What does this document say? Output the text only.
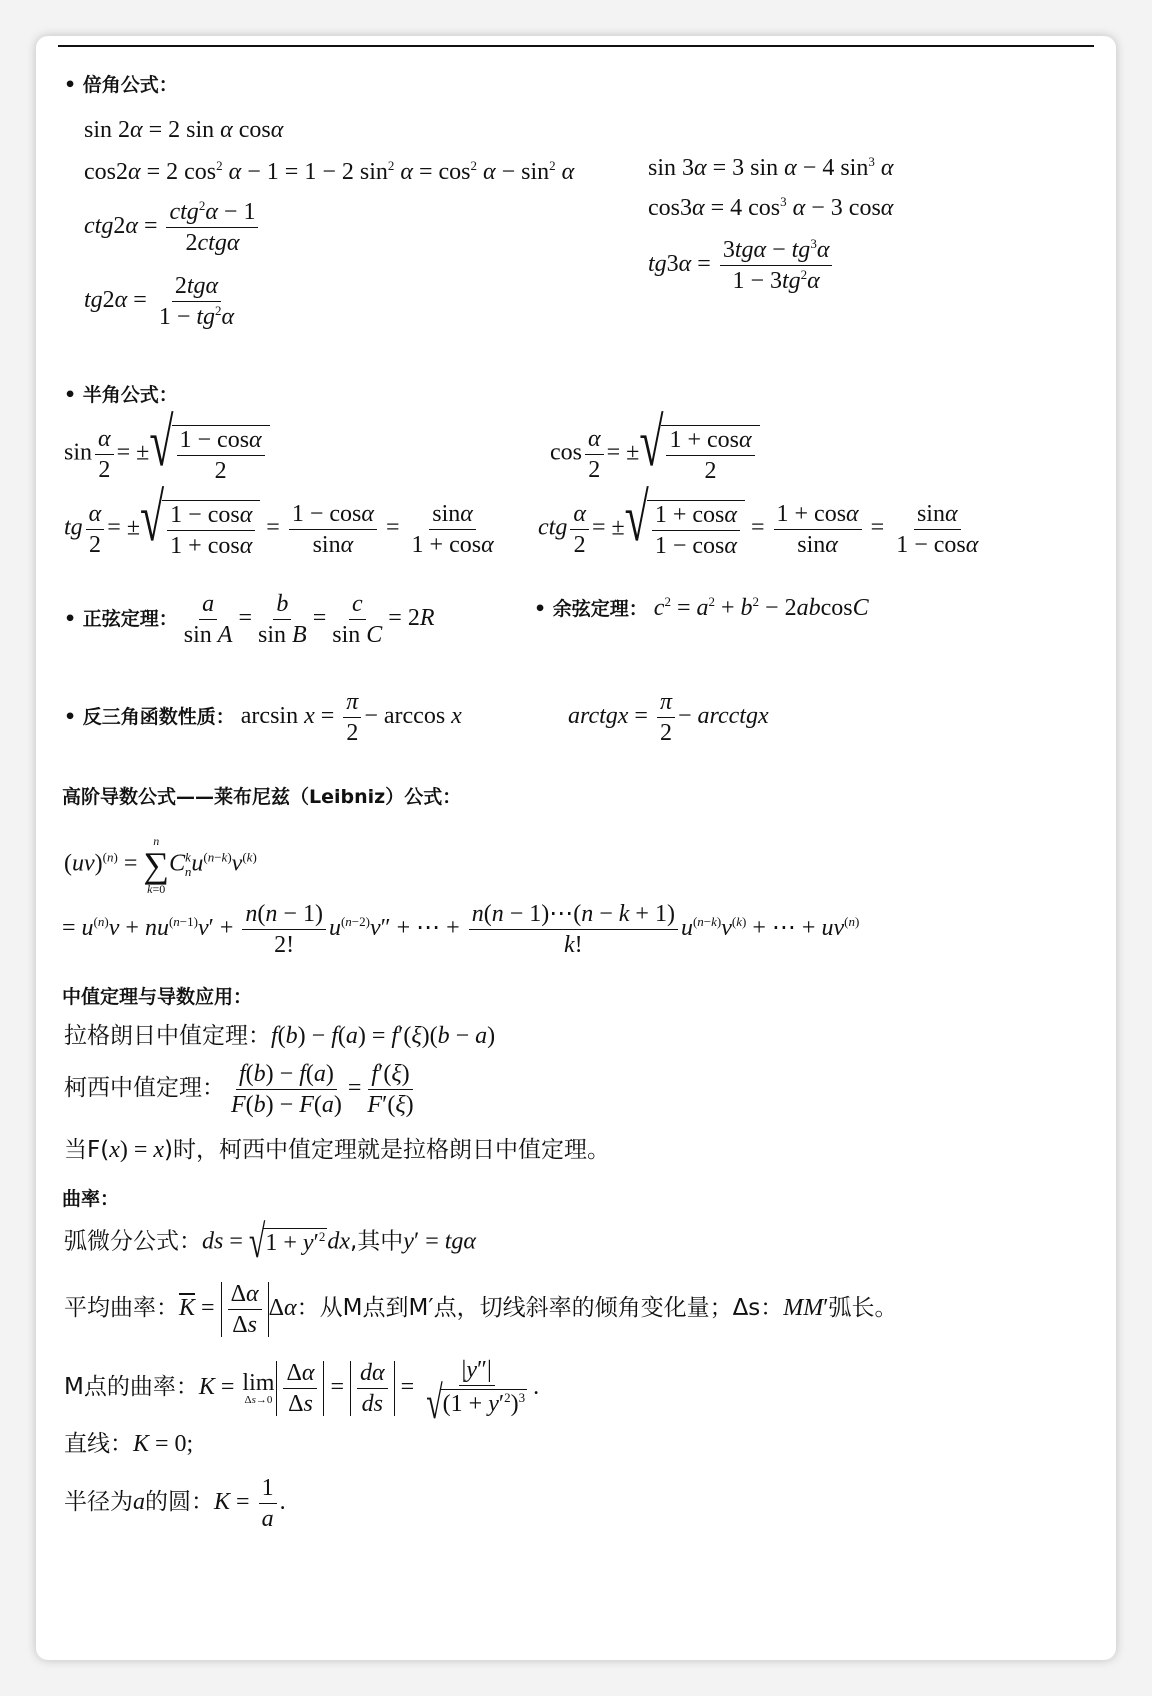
• 倍角公式：
sin 2α = 2 sin α cosα
cos2α = 2 $\cos^2 \alpha - 1 = 1 - 2$ $\sin^2 \alpha = \cos^2 \alpha - \sin^2 \alpha$
$ctg2\alpha = \frac{ctg^2\alpha - 1}{\text{2ctgα}}$
$tg2\alpha = \frac{\text{2tgα}}{1 - tg^2\alpha}$
sin 3α = 3 sin α − 4 $\sin^3 \alpha$
cos3α = 4 $\cos^3 \alpha - 3$ cosα
$tg3\alpha = \frac{3tg\alpha - tg^3\alpha}{1 - 3tg^2\alpha}$
• 半角公式：
$\sin \frac{\alpha}{2}$ = ± √ $\frac{1 - \cos\alpha}{2}$	$\cos \frac{\alpha}{2}$ = ± √ $\frac{1 + \cos\alpha}{2}$
tg $\frac{\alpha}{2}$ = ± √ $\frac{1 - \cos\alpha}{1 + \cos\alpha} = \frac{1 - \cos\alpha}{\sin\alpha} = \frac{\sin\alpha}{1 + \cos\alpha}$ ctg $\frac{\alpha}{2}$ = ± √ $\frac{1 + \cos\alpha}{1 - \cos\alpha} = \frac{1 + \cos\alpha}{\sin\alpha} = \frac{\sin\alpha}{1 - \cos\alpha}$
• 正弦定理： $\frac{a}{\text{sin A}} = \frac{b}{\text{sin B}} = \frac{c}{\text{sin C}} = 2R$	• 余弦定理： $c^2 = a^2 + b^2 - 2abcosC$
• 反三角函数性质： $\arcsin x = \frac{\pi}{2} - \arccos x$	arctgx = $\frac{\pi}{2}$ − arcctgx
高阶导数公式——莱布尼兹（Leibniz）公式：
(uv)$^{(n)}$ =
n
∑
k=0
$C^k_nu^{(n-k)}v^{(k)}$
= $u^{(n)}v + nu^{(n-1)}v' + \frac{n(n - 1)}{2!} u^{(n-2)}v''$ + ⋯ + $\frac{n(n - 1)\cdots(n - k + 1)}{k!} u^{(n-k)}v^{(k)}$ + ⋯ + $uv^{(n)}$
中值定理与导数应用：
拉格朗日中值定理：f(b) − f(a) = f′(ξ)(b − a)
柯西中值定理： $\frac{f(b) - f(a)}{F(b) - F(a)} = \frac{f'(\xi)}{F'(\xi)}$
当F(x) = x)时，柯西中值定理就是拉格朗日中值定理。
曲率：
弧微分公式：ds = √ $1 + y'^2$ dx,其中y′ = tgα
平均曲率：$\overline{K} = \frac{\Delta\alpha}{\Delta s}$ Δα：从M点到M′点，切线斜率的倾角变化量；Δs：MM′弧长。
M点的曲率：K = lim
$\Delta s\to 0 \frac{\Delta\alpha}{\Delta s} = \frac{d\alpha}{ds} = \frac{|y''|}{√ (1 + y'^2)^3}$ .
直线：K = 0;
半径为a的圆：$K = \frac{1}{a}$ .
